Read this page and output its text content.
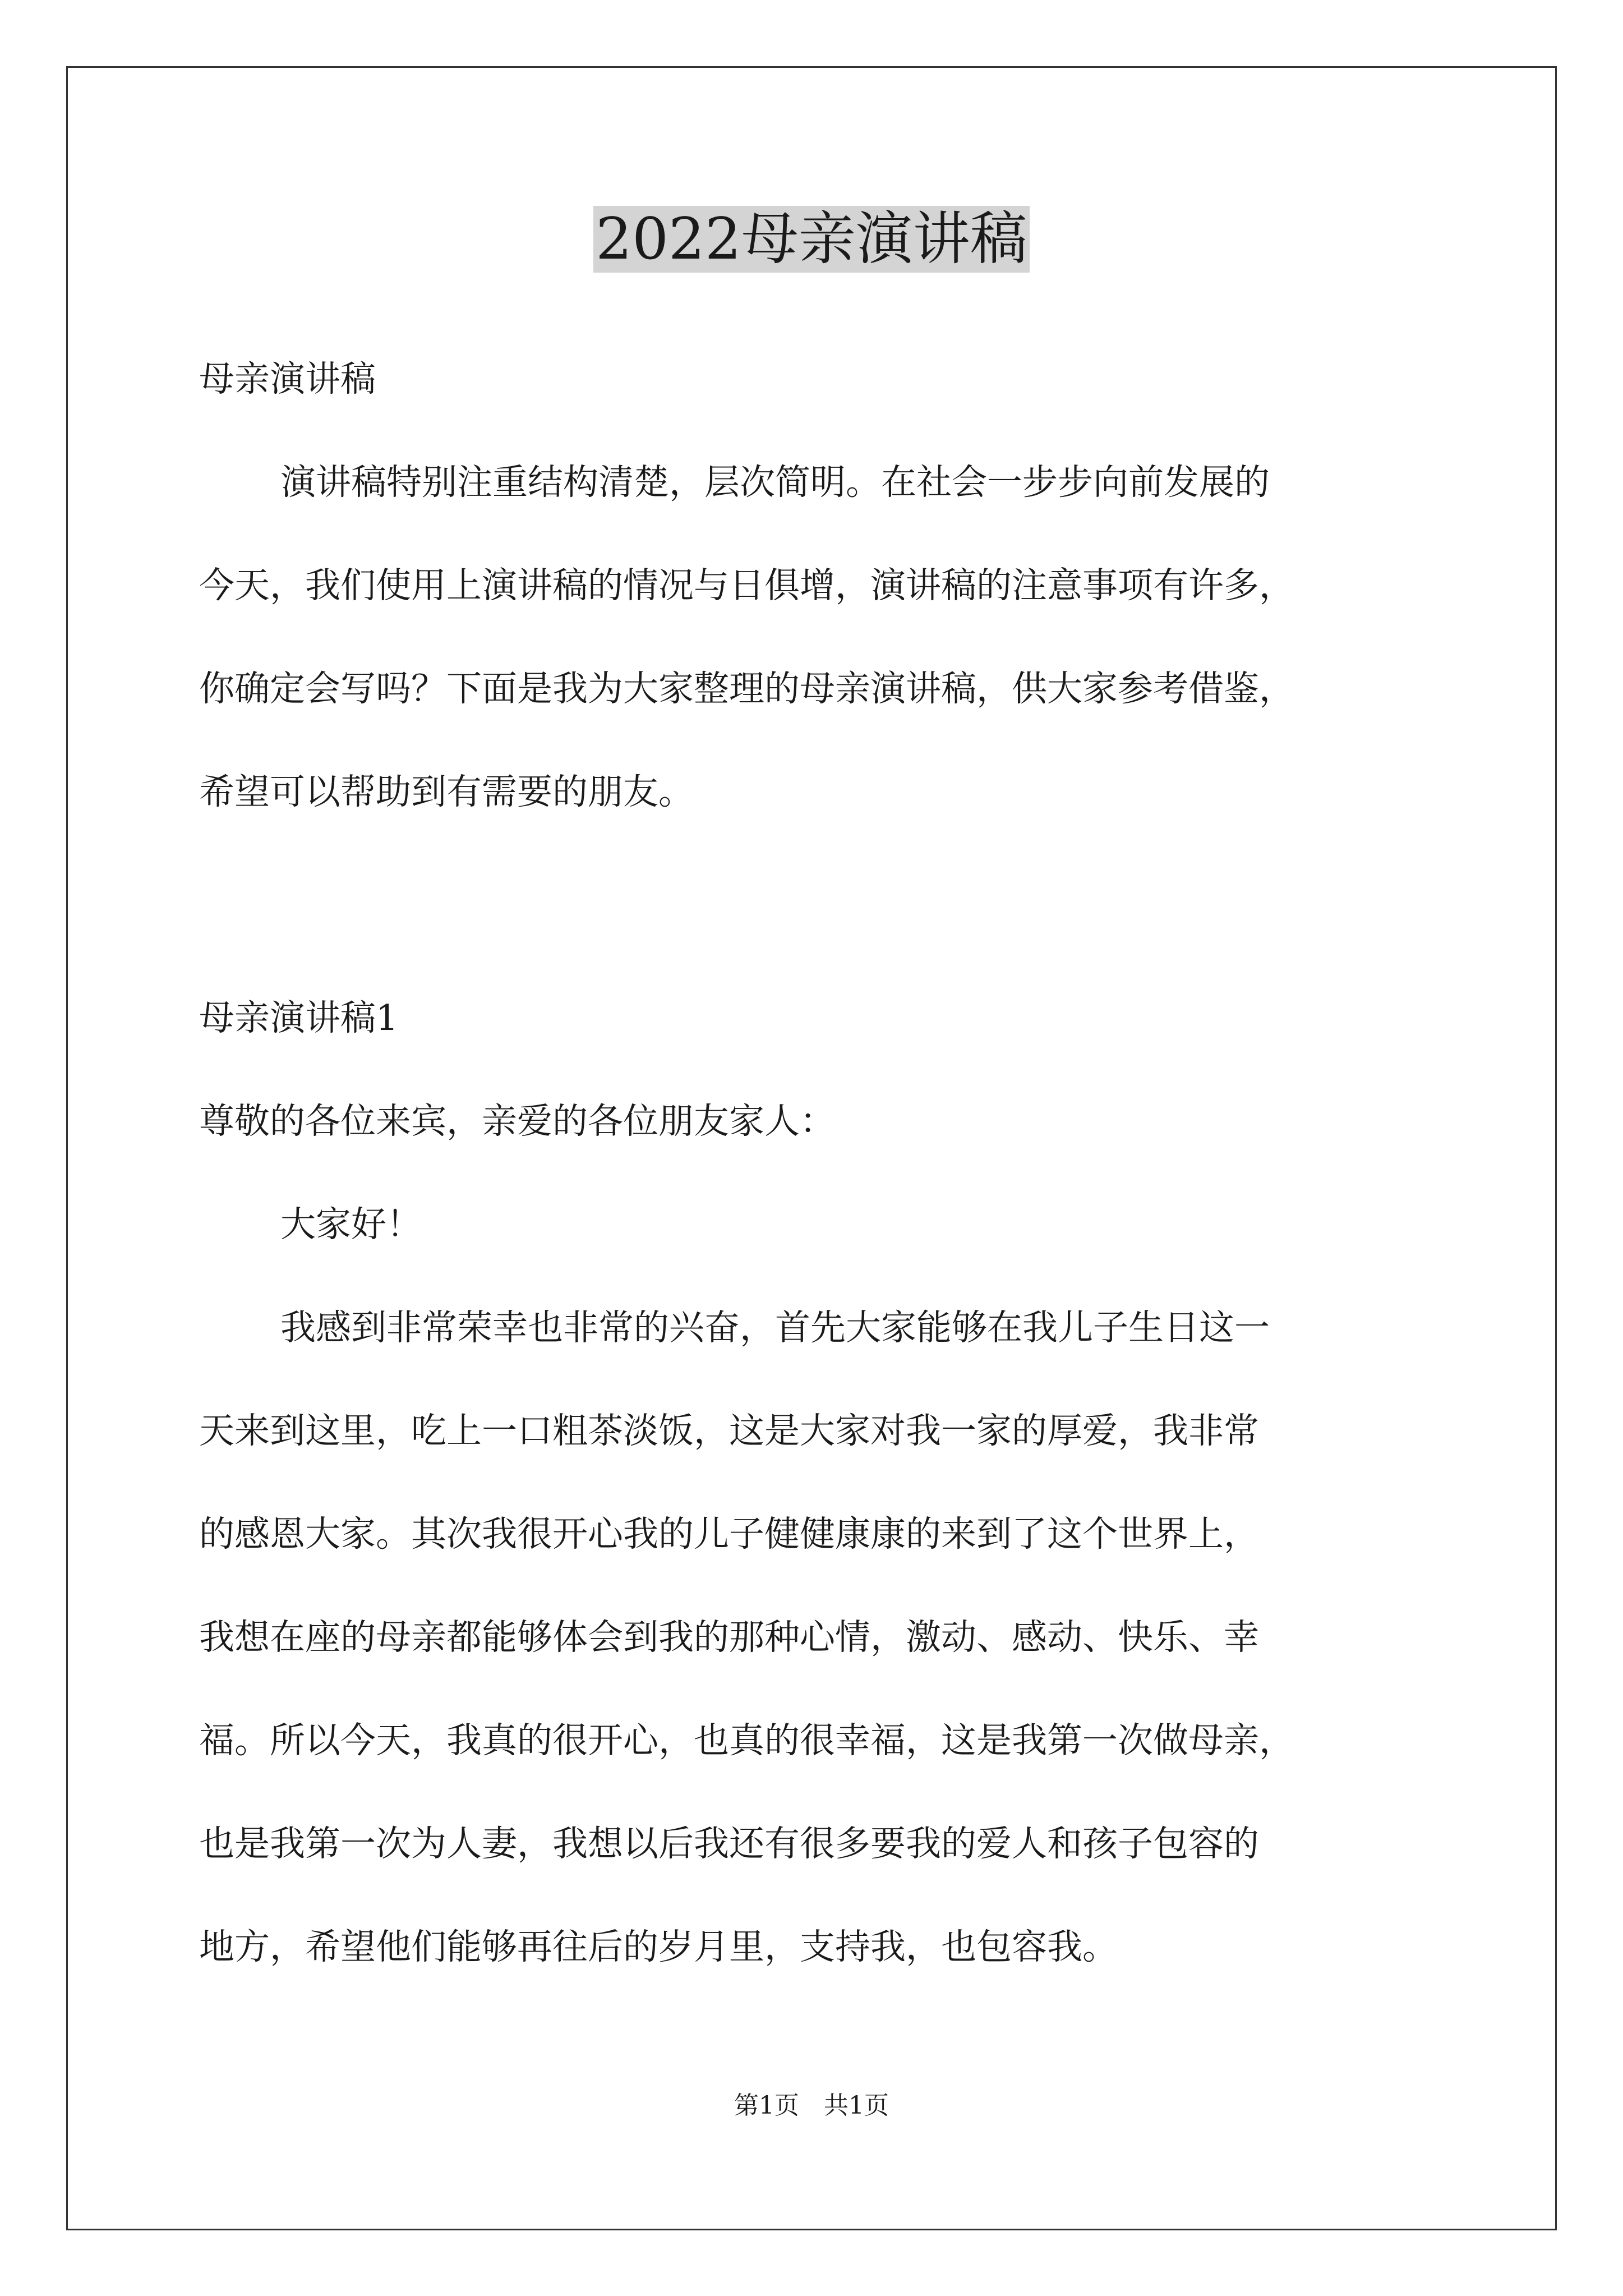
2022母亲演讲稿
母亲演讲稿
演讲稿特别注重结构清楚，层次简明。在社会一步步向前发展的
今天，我们使用上演讲稿的情况与日俱增，演讲稿的注意事项有许多，
你确定会写吗？下面是我为大家整理的母亲演讲稿，供大家参考借鉴，
希望可以帮助到有需要的朋友。
母亲演讲稿1
尊敬的各位来宾，亲爱的各位朋友家人：
大家好！
我感到非常荣幸也非常的兴奋，首先大家能够在我儿子生日这一
天来到这里，吃上一口粗茶淡饭，这是大家对我一家的厚爱，我非常
的感恩大家。其次我很开心我的儿子健健康康的来到了这个世界上，
我想在座的母亲都能够体会到我的那种心情，激动、感动、快乐、幸
福。所以今天，我真的很开心，也真的很幸福，这是我第一次做母亲，
也是我第一次为人妻，我想以后我还有很多要我的爱人和孩子包容的
地方，希望他们能够再往后的岁月里，支持我，也包容我。
第1页　共1页
